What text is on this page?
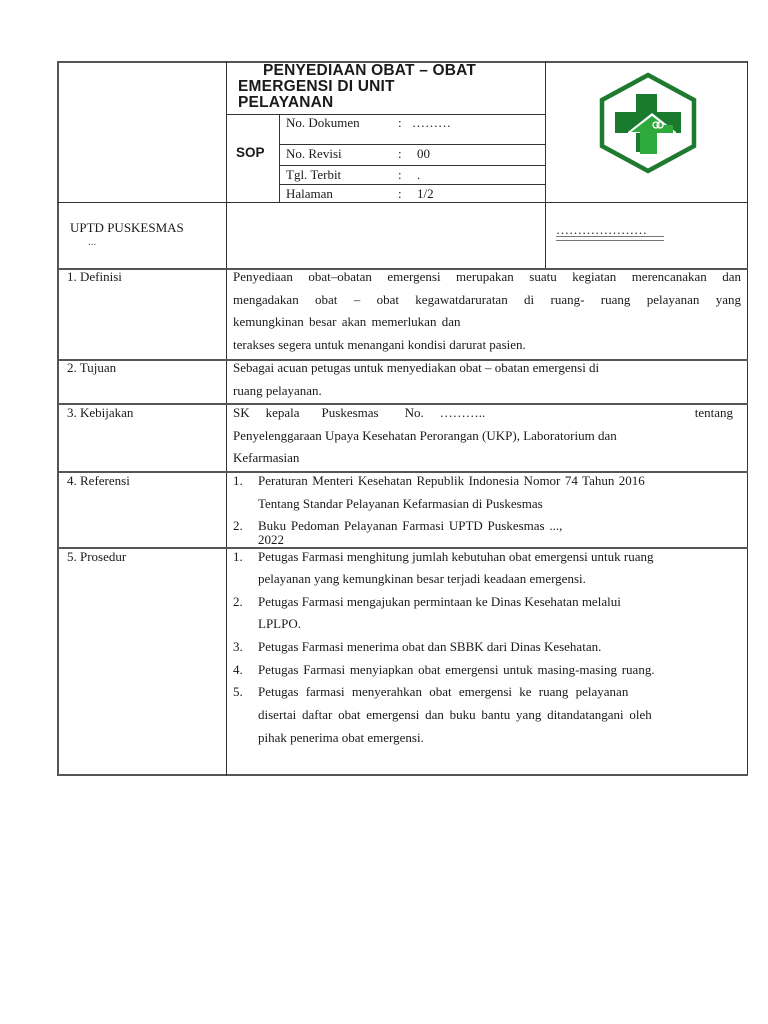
PENYEDIAAN OBAT – OBAT
EMERGENSI DI UNIT
PELAYANAN
SOP
No. Dokumen	: ………
No. Revisi	: 00
Tgl. Terbit	: .
Halaman	: 1/2
UPTD PUSKESMAS
...
…………………
1. Definisi	Penyediaan obat–obatan emergensi merupakan suatu kegiatan merencanakan dan
mengadakan obat – obat kegawatdaruratan di ruang- ruang pelayanan yang
kemungkinan besar akan memerlukan dan
terakses segera untuk menangani kondisi darurat pasien.
2. Tujuan	Sebagai acuan petugas untuk menyediakan obat – obatan emergensi di
ruang pelayanan.
3. Kebijakan	SK kepala Puskesmas No. ………..	tentang
Penyelenggaraan Upaya Kesehatan Perorangan (UKP), Laboratorium dan
Kefarmasian
4. Referensi	1. Peraturan Menteri Kesehatan Republik Indonesia Nomor 74 Tahun 2016
Tentang Standar Pelayanan Kefarmasian di Puskesmas
2. Buku Pedoman Pelayanan Farmasi UPTD Puskesmas ...,
2022
5. Prosedur	1. Petugas Farmasi menghitung jumlah kebutuhan obat emergensi untuk ruang
pelayanan yang kemungkinan besar terjadi keadaan emergensi.
2. Petugas Farmasi mengajukan permintaan ke Dinas Kesehatan melalui
LPLPO.
3. Petugas Farmasi menerima obat dan SBBK dari Dinas Kesehatan.
4. Petugas Farmasi menyiapkan obat emergensi untuk masing-masing ruang.
5. Petugas farmasi menyerahkan obat emergensi ke ruang pelayanan
disertai daftar obat emergensi dan buku bantu yang ditandatangani oleh
pihak penerima obat emergensi.
